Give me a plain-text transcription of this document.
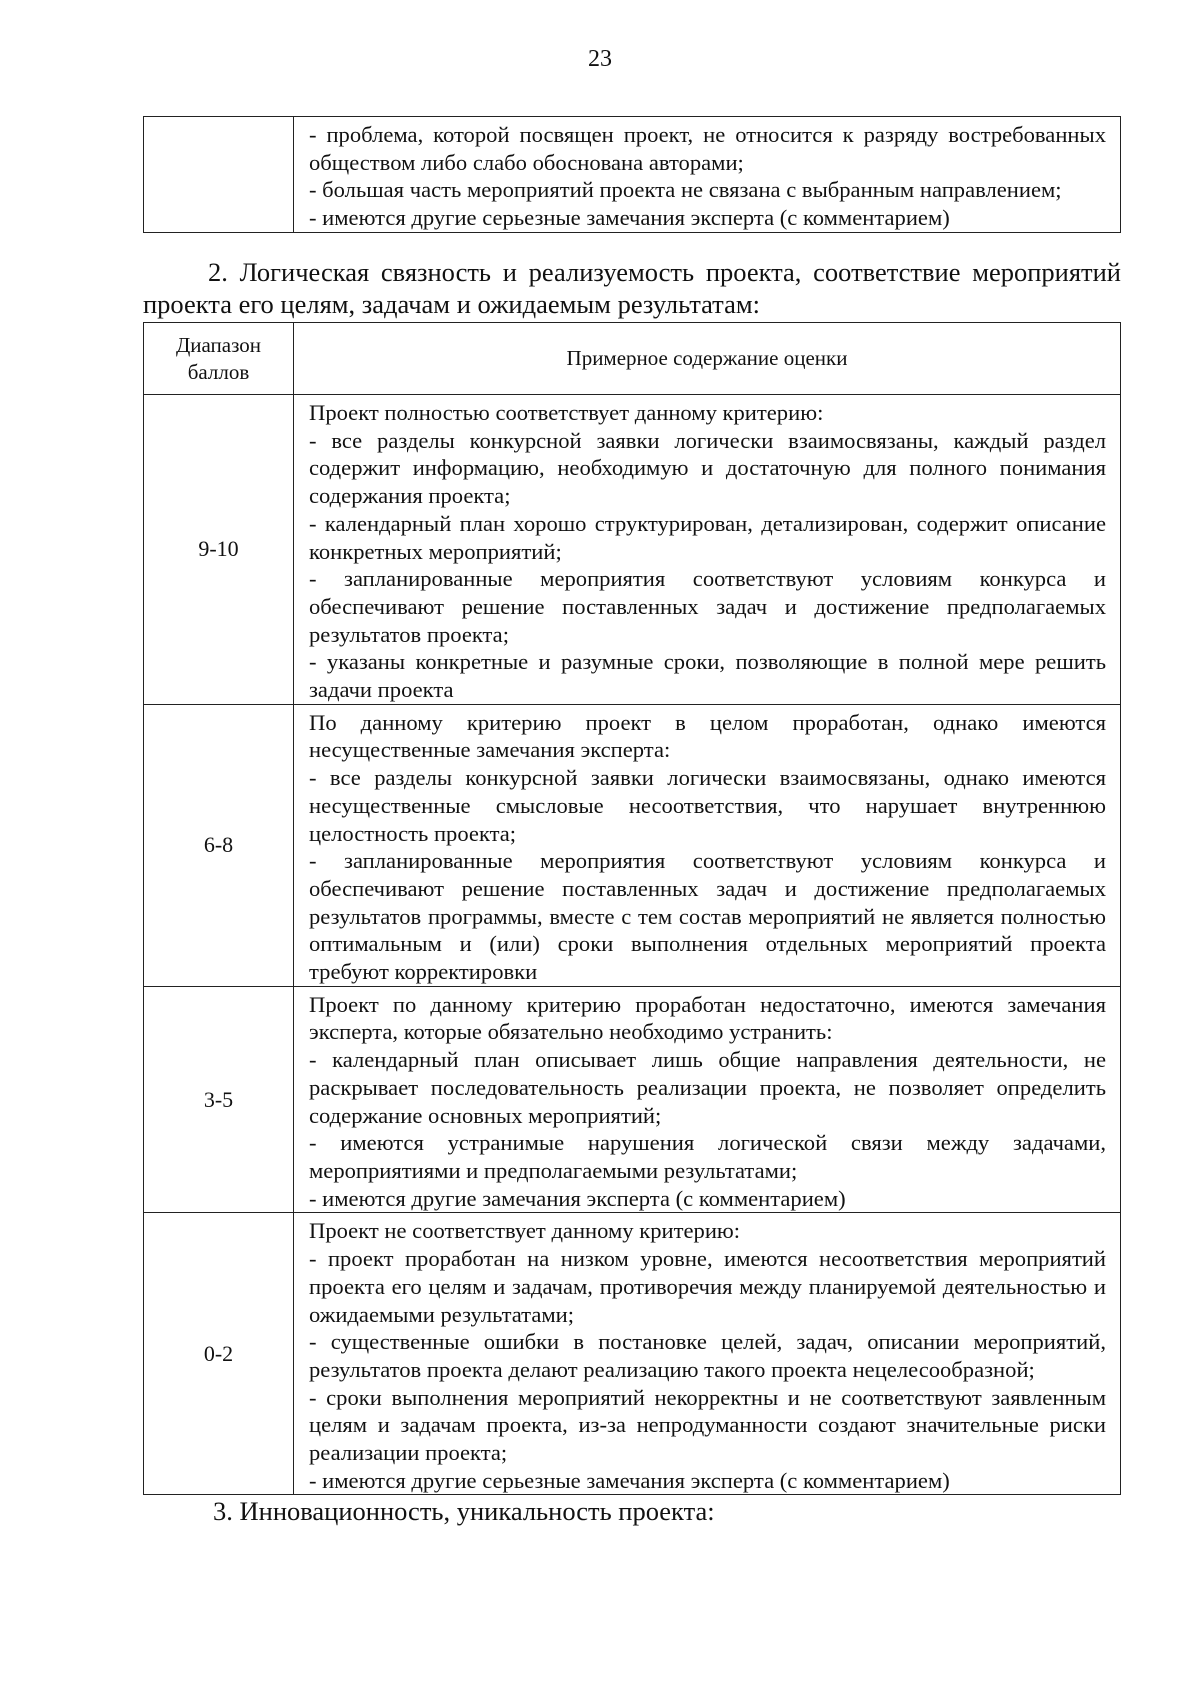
23

- проблема, которой посвящен проект, не относится к разряду востребованных обществом либо слабо обоснована авторами;
- большая часть мероприятий проекта не связана с выбранным направлением;
- имеются другие серьезные замечания эксперта (с комментарием)
2. Логическая связность и реализуемость проекта, соответствие мероприятий проекта его целям, задачам и ожидаемым результатам:
Диапазон баллов	Примерное содержание оценки
9-10	Проект полностью соответствует данному критерию:
- все разделы конкурсной заявки логически взаимосвязаны, каждый раздел содержит информацию, необходимую и достаточную для полного понимания содержания проекта;
- календарный план хорошо структурирован, детализирован, содержит описание конкретных мероприятий;
- запланированные мероприятия соответствуют условиям конкурса и обеспечивают решение поставленных задач и достижение предполагаемых результатов проекта;
- указаны конкретные и разумные сроки, позволяющие в полной мере решить задачи проекта

6-8	По данному критерию проект в целом проработан, однако имеются несущественные замечания эксперта:
- все разделы конкурсной заявки логически взаимосвязаны, однако имеются несущественные смысловые несоответствия, что нарушает внутреннюю целостность проекта;
- запланированные мероприятия соответствуют условиям конкурса и обеспечивают решение поставленных задач и достижение предполагаемых результатов программы, вместе с тем состав мероприятий не является полностью оптимальным и (или) сроки выполнения отдельных мероприятий проекта требуют корректировки

3-5	Проект по данному критерию проработан недостаточно, имеются замечания эксперта, которые обязательно необходимо устранить:
- календарный план описывает лишь общие направления деятельности, не раскрывает последовательность реализации проекта, не позволяет определить содержание основных мероприятий;
- имеются устранимые нарушения логической связи между задачами, мероприятиями и предполагаемыми результатами;
- имеются другие замечания эксперта (с комментарием)

0-2	Проект не соответствует данному критерию:
- проект проработан на низком уровне, имеются несоответствия мероприятий проекта его целям и задачам, противоречия между планируемой деятельностью и ожидаемыми результатами;
- существенные ошибки в постановке целей, задач, описании мероприятий, результатов проекта делают реализацию такого проекта нецелесообразной;
- сроки выполнения мероприятий некорректны и не соответствуют заявленным целям и задачам проекта, из-за непродуманности создают значительные риски реализации проекта;
- имеются другие серьезные замечания эксперта (с комментарием)
3. Инновационность, уникальность проекта:
